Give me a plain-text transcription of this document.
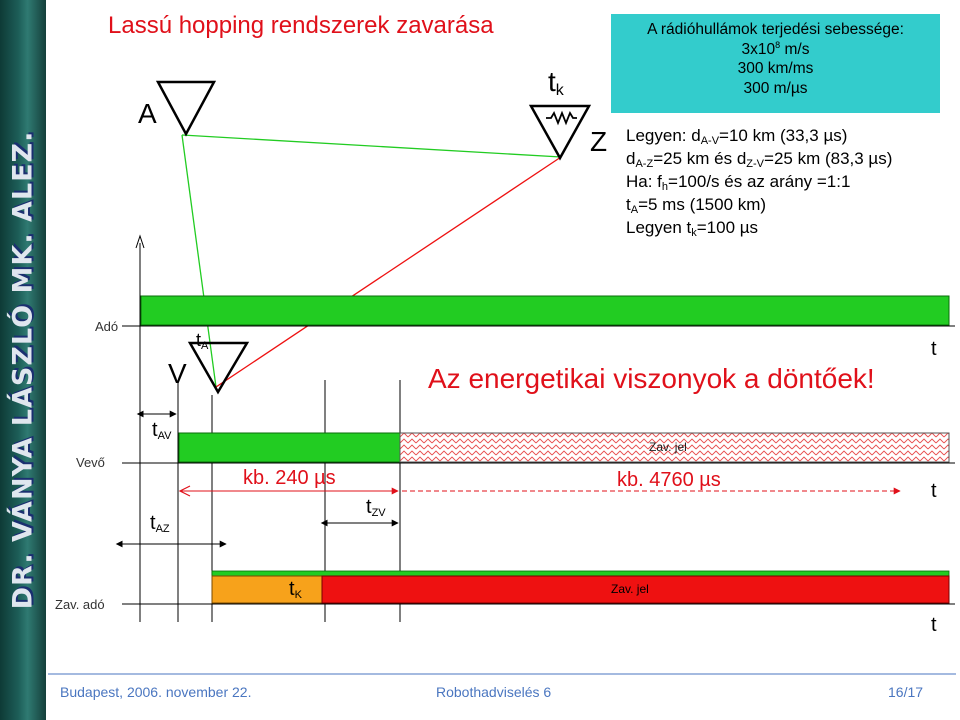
DR. VÁNYA LÁSZLÓ MK. ALEZ.
Lassú hopping rendszerek zavarása	A rádióhullámok terjedési sebessége:
$3x10^8$ m/s
300 km/ms
300 m/µs
A
Z
V
$t_k$
$t_A$
Legyen: $d_{A-V}=10$ km (33,3 µs)
$d_{A-Z}=25$ km és $d_{Z-V}=25$ km (83,3 µs)
Ha: $f_h=100/s$ és az arány =1:1
$t_A=5$ ms (1500 km)
Legyen $t_k=100$ µs
Adó
Vevő
Zav. adó
t
t
t
Az energetikai viszonyok a döntőek!
$t_{AV}$
$t_{AZ}$
$t_{ZV}$
$t_K$
kb. 240 µs	kb. 4760 µs
Zav. jel
Zav. jel
Budapest, 2006. november 22.	Robothadviselés 6	16/17
